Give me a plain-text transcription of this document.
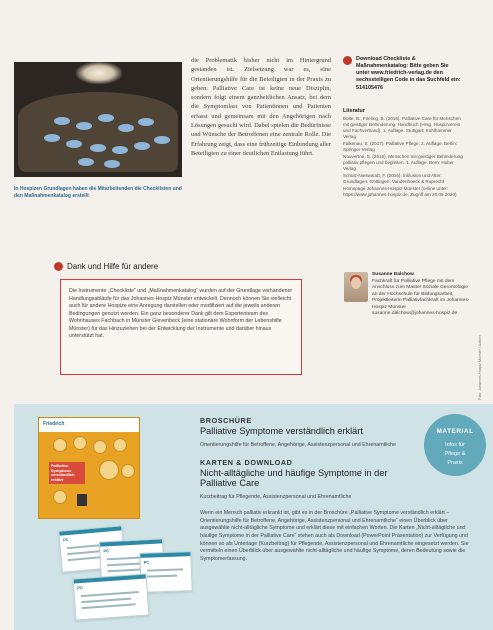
In Hospizen Grundlagen haben die Mitarbeitenden die Checklisten und den Maßnahmenkatalog erstellt

die Problematik bisher nicht im Hintergrund gestanden ist. Zielsetzung war es, eine Orientierungshilfe für die Beteiligten in der Praxis zu geben. Palliative Care ist keine neue Disziplin, sondern folgt einem ganzheitlichen Ansatz, bei dem die Symptomlast von Patientinnen und Patienten erfasst und gemeinsam mit den Angehörigen nach Lösungen gesucht wird. Dabei spielen die Bedürfnisse und Wünsche der Betroffenen eine zentrale Rolle. Die Erfahrung zeigt, dass eine frühzeitige Einbindung aller Beteiligten zu einer deutlichen Entlastung führt.

Download Checkliste & Maßnahmenkatalog: Bitte geben Sie unter www.friedrich-verlag.de den sechsstelligen Code in das Suchfeld ein: 514105476
Literatur

Bolte, B., Frieling, B. (2016). Palliative Care für Menschen mit geistiger Behinderung. Handbuch (Hrsg. Hospizverein und Fachverband). 1. Auflage. Stuttgart: Kohlhammer Verlag

Falkenau, S. (2017). Palliative Pflege. 2. Auflage. Berlin: Springer Verlag

Nouvertné, S. (2015). Menschen mit geistiger Behinderung palliativ pflegen und begleiten. 1. Auflage. Bern: Huber Verlag

Schulz-Nieswandt, F. (2016). Inklusion und Alter. Grundlagen. Göttingen: Vandenhoeck & Ruprecht

Homepage Johannes-Hospiz Münster (online unter: https://www.johannes-hospiz.de, Zugriff am 20.05.2020)

Dank und Hilfe für andere

Die Instrumente „Checkliste“ und „Maßnahmenkatalog“ wurden auf der Grundlage vorhandener Handlungsabläufe für das Johannes-Hospiz Münster entwickelt. Dennoch können Sie vielleicht auch für andere Hospize eine Anregung darstellen oder modifiziert auf die jeweils anderen Bedingungen genutzt werden. Ein ganz besonderer Dank gilt dem Expertenteam des Wohnhauses Fachbach in Münster Gievenbeck (eine stationäre Wohnform der Lebenshilfe Münster) für das Hinzuziehen bei der Entwicklung der Instrumente und darüber hinaus unterstützt hat.

Susanne Dalchow
Fachkraft für Palliative Pflege mit dem Anschluss zum Master Soziale Gerontologie an der Hochschule für Bildungsarbeit, Projektleiterin Palliativfachkraft im Johannes-Hospiz Münster
susanne.dalchow@johannes-hospiz.de
Foto: Johannes-Hospiz Münster / Autorin
MATERIAL
Infos für
Pflege &
Praxis
Friedrich
Palliative Symptome verständlich erklärt
PC
PC
PC
PC
BROSCHÜRE
Palliative Symptome verständlich erklärt
Orientierungshilfe für Betroffene, Angehörige, Assistenzpersonal und Ehrenamtliche
KARTEN & DOWNLOAD
Nicht-alltägliche und häufige Symptome in der Palliative Care
Kurzbeitrag für Pflegende, Assistenzpersonal und Ehrenamtliche

Wenn ein Mensch palliativ erkrankt ist, gibt es in der Broschüre „Palliative Symptome verständlich erklärt – Orientierungshilfe für Betroffene, Angehörige, Assistenzpersonal und Ehrenamtliche“ einen Überblick über ausgewählte nicht-alltägliche Symptome und erklärt diese mit einfachen Worten. Die Karten „Nicht-alltägliche und häufige Symptome in der Palliative Care“ stehen auch als Download (PowerPoint Präsentation) zur Verfügung und können so als Unterlage (Kurzbeitrag) für Pflegende, Assistenzpersonal und Ehrenamtliche eingesetzt werden. Sie vermitteln einen Überblick über ausgewählte nicht-alltägliche und häufige Symptome, deren Bedeutung sowie die Symptomerfassung.
